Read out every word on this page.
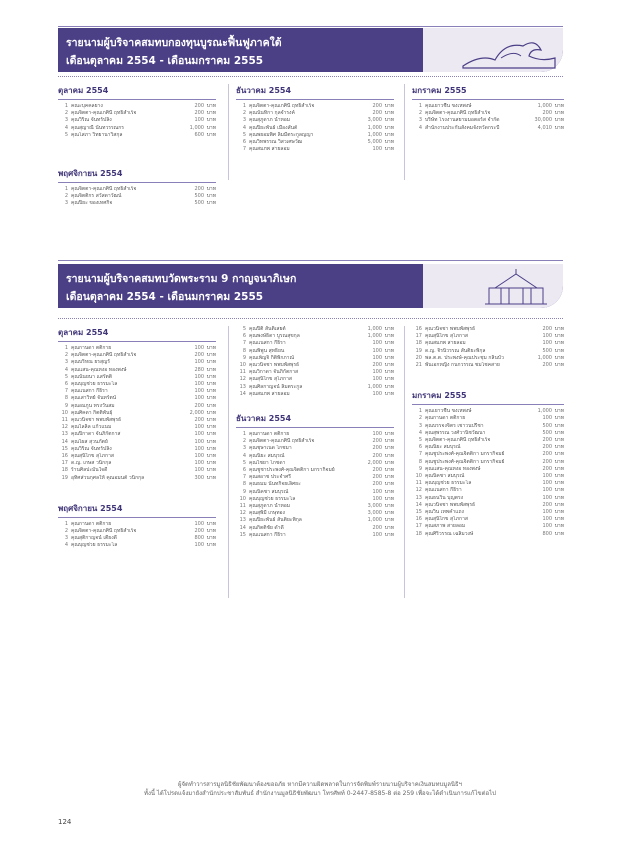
รายนามผู้บริจาคสมทบกองทุนบูรณะฟื้นฟูภาคใต้
เดือนตุลาคม 2554 - เดือนมกราคม 2555
ตุลาคม 2554
1 คณะบุคคลยาง	200 บาท
2 คุณจิตตา-คุณเกศินี ฤทธิ์สำเร็จ	200 บาท
3 คุณวิริณ จันทร์ปลิ่ง	100 บาท
4 คุณสุญาณี นันทวรรณกร	1,000 บาท
5 คุณโสภา วิทยานาวิสกุล	600 บาท
พฤศจิกายน 2554
1 คุณจิตตา-คุณเกศินี ฤทธิ์สำเร็จ	200 บาท
2 คุณจิตติกร สวัสดาวัฒน์	500 บาท
3 คุณปิยะ ของเทศกิจ	500 บาท
ธันวาคม 2554
1 คุณจิตตา-คุณเกศินี ฤทธิ์สำเร็จ	200 บาท
2 คุณนันทิกา กุลจำรงค์	200 บาท
3 คุณสุภูดาภ น้ำหอม	3,000 บาท
4 คุณปิยะพันธ์ เมืองสันต์	1,000 บาท
5 คุณพยอมพิศ ลิ้มมีตระกูลญญา	1,000 บาท
6 คุณวิทพรรณ วิสวเศษวัฒ	5,000 บาท
7 คุณสมภพ สายลอม	100 บาท
มกราคม 2555
1 คุณเยาวชื่น ขงเหพงษ์	1,000 บาท
2 คุณจิตตา-คุณเกศินี ฤทธิ์สำเร็จ	200 บาท
3 บริษัท โรงงานสยามมอตอร์ส จำกัด	30,000 บาท
4 สำนักงานประกันสังคมจังหวัดกระบี่	4,010 บาท
รายนามผู้บริจาคสมทบวัดพระราม 9 กาญจนาภิเษก
เดือนตุลาคม 2554 - เดือนมกราคม 2555
ตุลาคม 2554
1 คุณกานดา ตติกาย	100 บาท
2 คุณจิตตา-คุณเกศินี ฤทธิ์สำเร็จ	200 บาท
3 คุณบริหณ ยรสุญรั	100 บาท
4 คุณแสน-คุณหงอ ทองพงษ์	280 บาท
5 คุณนันยนา แสรัตติ	100 บาท
6 คุณบุญช่วย ธรรมะโล	100 บาท
7 คุณแนสกา กีธิรา	100 บาท
8 คุณเสาวิทย์ จันทร์ตน์	100 บาท
9 คุณอมภูน ทรงวันสม	200 บาท
10 คุณศิคดา กิตติพันธุ์	2,000 บาท
11 คุณวนิจชา พพบพัสพุรธ์	200 บาท
12 คุณไลลิล แก้วแนม	100 บาท
13 คุณปิกาดา จันภิกัตกาส	100 บาท
14 คุณไผส สุวนภัตย์	100 บาท
15 คุณวิริณ จันทร์ปลิ่ง	100 บาท
16 คุณสุนิไกข สุโภกาส	100 บาท
17 ด.ญ. เกษส วนิกกุล	100 บาท
18 ร้านศิลปะมั่นใจดี	100 บาท
19 อุทิศส่วนกุศลให้ คุณอมนต์ วนิกกุล	300 บาท
พฤศจิกายน 2554
1 คุณกานดา ตติกาย	100 บาท
2 คุณจิตตา-คุณเกศินี ฤทธิ์สำเร็จ	200 บาท
3 คุณสุติกาญจน์ เตียงดี	800 บาท
4 คุณบุญช่วย ธรรมะโล	100 บาท
5 คุณปิติ สันติเสยต์	1,000 บาท
6 คุณพงษ์ธิดา บูรณสุขกุล	1,000 บาท
7 คุณแนสกา กีธิรา	100 บาท
8 คุณพิพูน สุทธิยน	100 บาท
9 คุณเพ็ญจิ กิติพิกภาณ์	100 บาท
10 คุณวนิจชา พพบพัสพุรธ์	200 บาท
11 คุณวิกาดา จันภิกัตกาส	100 บาท
12 คุณสุนิไกข สุโภกาส	100 บาท
13 คุณศิลกาญจน์ ลิ่มตระกูล	1,000 บาท
14 คุณสมภพ สายลอม	100 บาท
ธันวาคม 2554
1 คุณกานดา ตติกาย	100 บาท
2 คุณจิตตา-คุณเกศินี ฤทธิ์สำเร็จ	200 บาท
3 คุณชุษาเนด โกชมา	200 บาท
4 คุณนิยะ สมบุรณ์	200 บาท
5 คุณไชยา โกชดา	2,000 บาท
6 คุณชูชาประพงศ์-คุณจิตติกา มกรากิจมย์	200 บาท
7 คุณสอาช ประจำศรี	200 บาท
8 คุณธมม นันทกิจยเลิศยะ	200 บาท
9 คุณนิคชา สมบุรณ์	100 บาท
10 คุณบุญช่วย ธรรมะโล	100 บาท
11 คุณสุภูดาภ น้ำหอม	3,000 บาท
12 คุณสุพิมี เกษุทอง	3,000 บาท
13 คุณปิยะพันธ์ สันติยะพิกุล	1,000 บาท
14 คุณกิตติชัย ดำดี	200 บาท
15 คุณแนสกา กีธิรา	100 บาท
16 คุณวนิจชา พพบพัสพุรธ์	200 บาท
17 คุณสุนิไกข สุโภกาส	100 บาท
18 คุณสมภพ สายลอม	100 บาท
19 ด.ญ. จิรนิวรรณ สันติยะพิกุล	500 บาท
20 พล.ต.ต. ประพงษ์-คุณประชุม กลิ่นบัว	1,000 บาท
21 พันเอกหญิง กนกวรรณ ชมโชคสาย	200 บาท
มกราคม 2555
1 คุณเยาวชื่น ขงเหพงษ์	1,000 บาท
2 คุณกานดา ตติกาย	100 บาท
3 คุณบรรจงจิตร เชาวนปรีชา	500 บาท
4 คุณสุพรรณ วงศ์วานิชวัฒนา	500 บาท
5 คุณจิตตา-คุณเกศินี ฤทธิ์สำเร็จ	200 บาท
6 คุณนิยะ สมบุรณ์	200 บาท
7 คุณชูประพงศ์-คุณจิตติกา มกรากิจมย์	200 บาท
8 คุณชูประพงศ์-คุณจิตติกา มกรากิจมย์	200 บาท
9 คุณแสน-คุณหงอ ทองพงษ์	200 บาท
10 คุณนิคชา สมบุรณ์	100 บาท
11 คุณบุญช่วย ธรรมะโล	100 บาท
12 คุณแนสกา กีธิรา	100 บาท
13 คุณธนวิน บุญตรง	100 บาท
14 คุณวนิจชา พพบพัสพุรธ์	200 บาท
15 คุณวิน เทพคำแถง	100 บาท
16 คุณสุนิไกข สุโภกาส	100 บาท
17 คุณสภาพ สายลอม	100 บาท
18 คุณศิริวรรณ เฉลิมวงษ์	800 บาท
ผู้จัดทำวารสารมูลนิธิชัยพัฒนาต้องขออภัย หากมีความผิดพลาดในการจัดพิมพ์รายนามผู้บริจาคเงินสมทบมูลนิธิฯ
ทั้งนี้ ได้โปรดแจ้งมายังสำนักประชาสัมพันธ์ สำนักงานมูลนิธิชัยพัฒนา โทรศัพท์ 0-2447-8585-8 ต่อ 259 เพื่อจะได้ดำเนินการแก้ไขต่อไป
124
